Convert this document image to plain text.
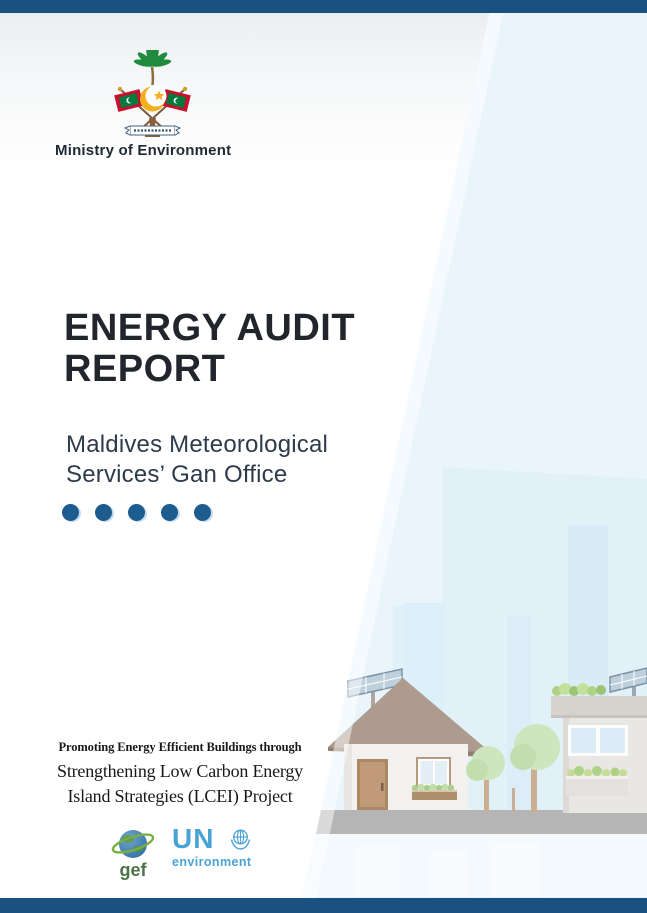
Ministry of Environment
ENERGY AUDIT
REPORT
Maldives Meteorological
Services’ Gan Office
Promoting Energy Efficient Buildings through
Strengthening Low Carbon Energy
Island Strategies (LCEI) Project
gef
UN
environment
